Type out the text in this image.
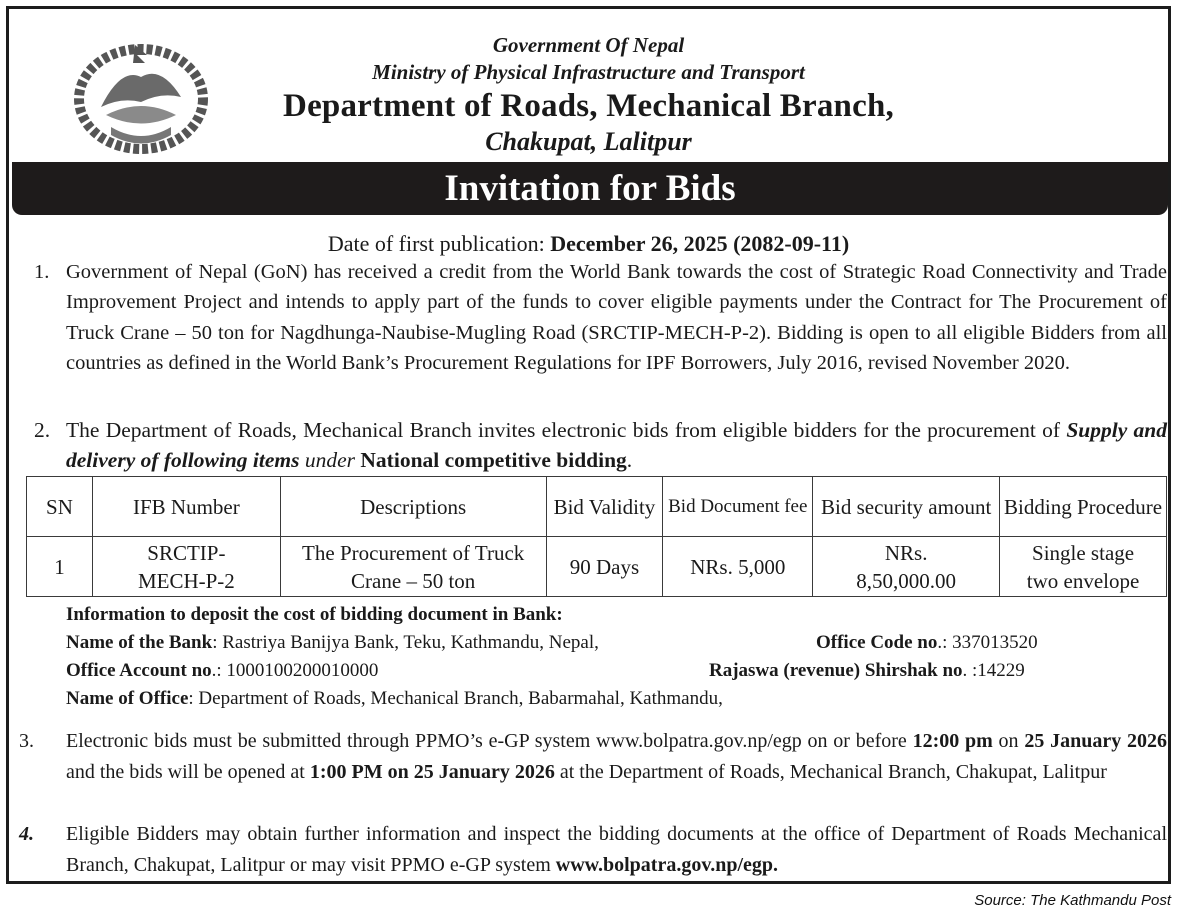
Government Of Nepal
Ministry of Physical Infrastructure and Transport
Department of Roads, Mechanical Branch,
Chakupat, Lalitpur
Invitation for Bids
Date of first publication: December 26, 2025 (2082-09-11)
1. Government of Nepal (GoN) has received a credit from the World Bank towards the cost of Strategic Road Connectivity and Trade Improvement Project and intends to apply part of the funds to cover eligible payments under the Contract for The Procurement of Truck Crane – 50 ton for Nagdhunga-Naubise-Mugling Road (SRCTIP-MECH-P-2). Bidding is open to all eligible Bidders from all countries as defined in the World Bank’s Procurement Regulations for IPF Borrowers, July 2016, revised November 2020.
2. The Department of Roads, Mechanical Branch invites electronic bids from eligible bidders for the procurement of Supply and delivery of following items under National competitive bidding.
SN	IFB Number	Descriptions	Bid Validity	Bid Document fee	Bid security amount	Bidding Procedure
1	SRCTIP-MECH-P-2	The Procurement of Truck Crane – 50 ton	90 Days	NRs. 5,000	NRs. 8,50,000.00	Single stage two envelope
Information to deposit the cost of bidding document in Bank:
Name of the Bank: Rastriya Banijya Bank, Teku, Kathmandu, Nepal,	Office Code no.: 337013520
Office Account no.: 1000100200010000	Rajaswa (revenue) Shirshak no. :14229
Name of Office: Department of Roads, Mechanical Branch, Babarmahal, Kathmandu,
3. Electronic bids must be submitted through PPMO’s e-GP system www.bolpatra.gov.np/egp on or before 12:00 pm on 25 January 2026 and the bids will be opened at 1:00 PM on 25 January 2026 at the Department of Roads, Mechanical Branch, Chakupat, Lalitpur
4. Eligible Bidders may obtain further information and inspect the bidding documents at the office of Department of Roads Mechanical Branch, Chakupat, Lalitpur or may visit PPMO e-GP system www.bolpatra.gov.np/egp.
Source: The Kathmandu Post
